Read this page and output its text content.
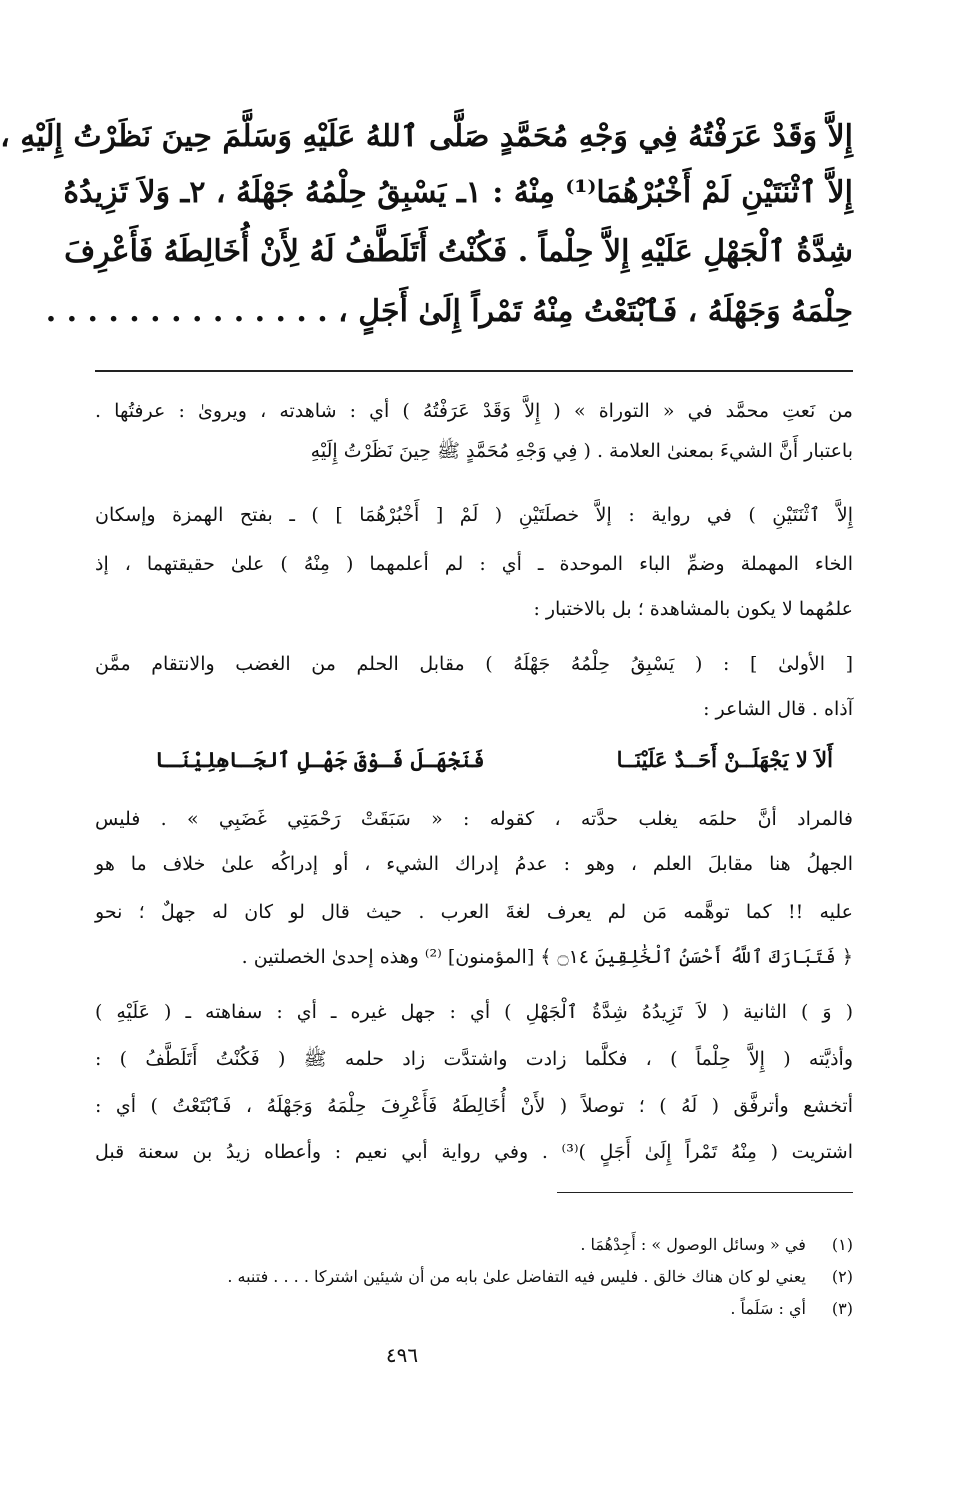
إِلاَّ وَقَدْ عَرَفْتُهُ فِي وَجْهِ مُحَمَّدٍ صَلَّى ٱللهُ عَلَيْهِ وَسَلَّمَ حِينَ نَظَرْتُ إِلَيْهِ ،
إِلاَّ ٱثْنَتَيْنِ لَمْ أَخْبُرْهُمَا⁽¹⁾ مِنْهُ : ١ـ يَسْبِقُ حِلْمُهُ جَهْلَهُ ، ٢ـ وَلاَ تَزِيدُهُ
شِدَّةُ ٱلْجَهْلِ عَلَيْهِ إِلاَّ حِلْماً . فَكُنْتُ أَتَلَطَّفُ لَهُ لِأَنْ أُخَالِطَهُ فَأَعْرِفَ
حِلْمَهُ وَجَهْلَهُ ، فَٱبْتَعْتُ مِنْهُ تَمْراً إِلَىٰ أَجَلٍ ، . . . . . . . . . . . . . .
من نَعتِ محمَّد في « التوراة » ( إِلاَّ وَقَدْ عَرَفْتُهُ ) أي : شاهدته ، ويروىٰ : عرفتُها .
باعتبار أَنَّ الشيءَ بمعنىٰ العلامة . ( فِي وَجْهِ مُحَمَّدٍ ﷺ حِينَ نَظَرْتُ إِلَيْهِ
إِلاَّ ٱثْنَتَيْنِ ) في رواية : إلاَّ خصلَتَيْنِ ( لَمْ [ أَخْبُرْهُمَا ] ) ـ بفتح الهمزة وإسكان
الخاء المهملة وضمِّ الباء الموحدة ـ أي : لم أعلمهما ( مِنْهُ ) علىٰ حقيقتهما ، إذ
علمُهما لا يكون بالمشاهدة ؛ بل بالاختبار :
[ الأولىٰ ] : ( يَسْبِقُ حِلْمُهُ جَهْلَهُ ) مقابل الحلم من الغضب والانتقام ممَّن
آذاه . قال الشاعر :
أَلاَ لا يَجْهَلَــنْ أَحَــدٌ عَلَيْنَــا
فَنَجْهَـلَ فَـوْقَ جَهْـلِ ٱلجَـاهِلِيْنَـا
فالمراد أنَّ حلمَه يغلب حدَّته ، كقوله : « سَبَقَتْ رَحْمَتِي غَضَبِي » . فليس
الجهلُ هنا مقابلَ العلم ، وهو : عدمُ إدراك الشيء ، أو إدراكُه علىٰ خلاف ما هو
عليه !! كما توهَّمه مَن لم يعرف لغةَ العرب . حيث قال لو كان له جهلٌ ؛ نحو
﴿ فَتَبَارَكَ ٱللَّهُ أَحْسَنُ ٱلْخَٰلِقِينَ ۝١٤ ﴾ [المؤمنون] ⁽²⁾ وهذه إحدىٰ الخصلتين .
( وَ ) الثانية ( لاَ تَزِيدُهُ شِدَّةُ ٱلْجَهْلِ ) أي : جهل غيره ـ أي : سفاهته ـ ( عَلَيْهِ )
وأذيَّته ( إِلاَّ حِلْماً ) ، فكلَّما زادت واشتدَّت زاد حلمه ﷺ ( فَكُنْتُ أَتَلَطَّفُ ) :
أتخشع وأترفَّق ( لَهُ ) ؛ توصلاً ( لأَنْ أُخَالِطَهُ فَأَعْرِفَ حِلْمَهُ وَجَهْلَهُ ، فَٱبْتَعْتُ ) أي :
اشتريت ( مِنْهُ تَمْراً إِلَىٰ أَجَلٍ )⁽³⁾ . وفي رواية أبي نعيم : وأعطاه زيدُ بن سعنة قبل
(١) في « وسائل الوصول » : أَجِدْهُمَا .
(٢) يعني لو كان هناك خالق . فليس فيه التفاضل علىٰ بابه من أن شيئين اشتركا . . . . فتنبه .
(٣) أي : سَلَماً .
٤٩٦
